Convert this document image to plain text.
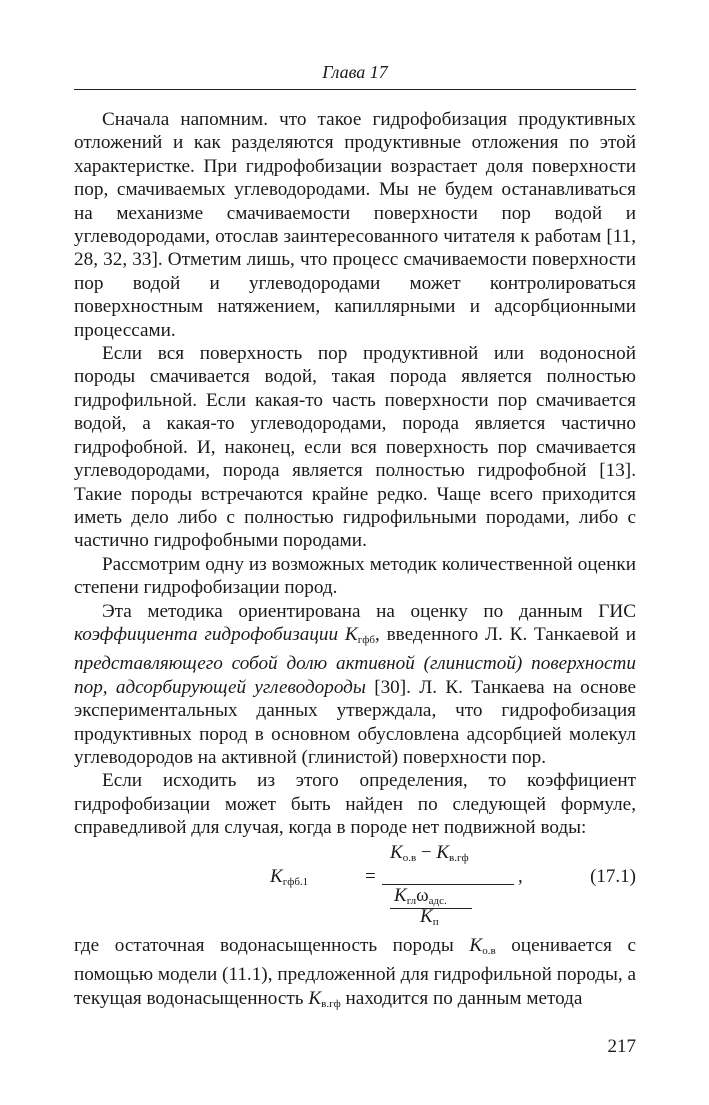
Глава 17

Сначала напомним. что такое гидрофобизация продуктивных отложений и как разделяются продуктивные отложения по этой характеристке. При гидрофобизации возрастает доля поверхности пор, смачиваемых углеводородами. Мы не будем останавливаться на механизме смачиваемости поверхности пор водой и углеводородами, отослав заинтересованного читателя к работам [11, 28, 32, 33]. Отметим лишь, что процесс смачиваемости поверхности пор водой и углеводородами может контролироваться поверхностным натяжением, капиллярными и адсорбционными процессами.

Если вся поверхность пор продуктивной или водоносной породы смачивается водой, такая порода является полностью гидрофильной. Если какая-то часть поверхности пор смачивается водой, а какая-то углеводородами, порода является частично гидрофобной. И, наконец, если вся поверхность пор смачивается углеводородами, порода является полностью гидрофобной [13]. Такие породы встречаются крайне редко. Чаще всего приходится иметь дело либо с полностью гидрофильными породами, либо с частично гидрофобными породами.

Рассмотрим одну из возможных методик количественной оценки степени гидрофобизации пород.

Эта методика ориентирована на оценку по данным ГИС коэффициента гидрофобизации $K_{гфб}$, введенного Л. К. Танкаевой и представляющего собой долю активной (глинистой) поверхности пор, адсорбирующей углеводороды [30]. Л. К. Танкаева на основе экспериментальных данных утверждала, что гидрофобизация продуктивных пород в основном обусловлена адсорбцией молекул углеводородов на активной (глинистой) поверхности пор.

Если исходить из этого определения, то коэффициент гидрофобизации может быть найден по следующей формуле, справедливой для случая, когда в породе нет подвижной воды:

$K_{гфб.1}$	=
$K_{о.в} - K_{в.гф}$
$K_{гл}\omega_{адс.}$
$K_п$
,	(17.1)

где остаточная водонасыщенность породы $K_{о.в}$ оценивается с помощью модели (11.1), предложенной для гидрофильной породы, а текущая водонасыщенность $K_{в.гф}$ находится по данным метода

217
